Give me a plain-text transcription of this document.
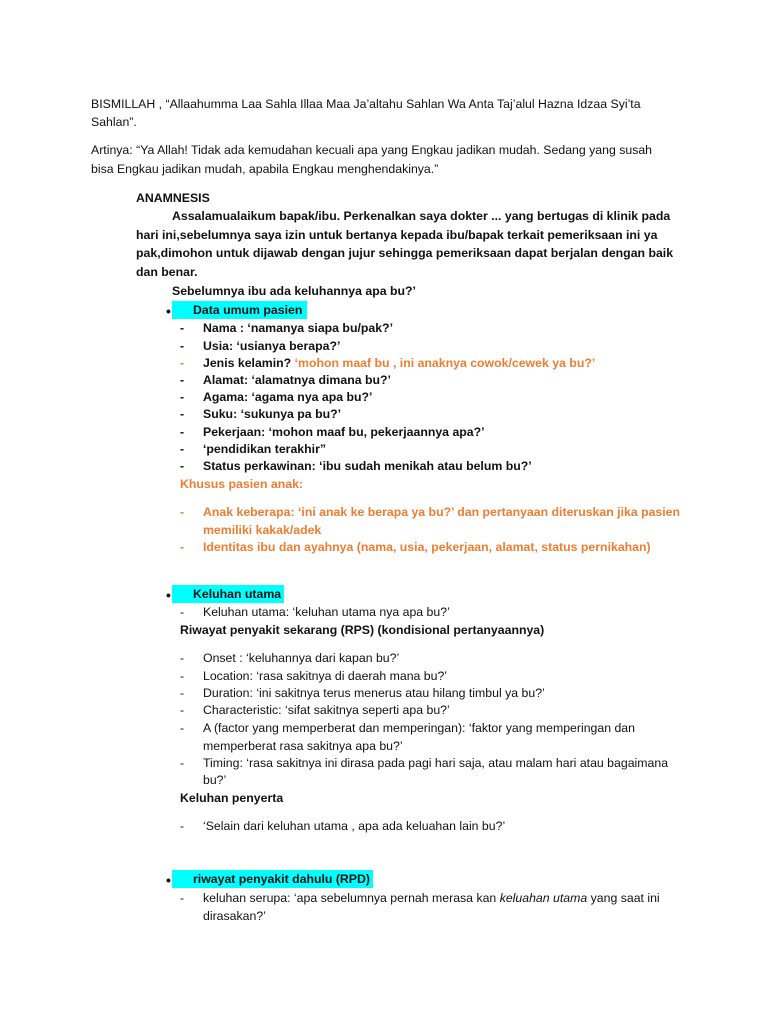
BISMILLAH , “Allaahumma Laa Sahla Illaa Maa Ja’altahu Sahlan Wa Anta Taj’alul Hazna Idzaa Syi’ta
Sahlan”.
Artinya: “Ya Allah! Tidak ada kemudahan kecuali apa yang Engkau jadikan mudah. Sedang yang susah
bisa Engkau jadikan mudah, apabila Engkau menghendakinya.”
ANAMNESIS
Assalamualaikum bapak/ibu. Perkenalkan saya dokter ... yang bertugas di klinik pada
hari ini,sebelumnya saya izin untuk bertanya kepada ibu/bapak terkait pemeriksaan ini ya
pak,dimohon untuk dijawab dengan jujur sehingga pemeriksaan dapat berjalan dengan baik
dan benar.
Sebelumnya ibu ada keluhannya apa bu?’
•	Data umum pasien
- Nama : ‘namanya siapa bu/pak?’
- Usia: ‘usianya berapa?’
- Jenis kelamin? ‘mohon maaf bu , ini anaknya cowok/cewek ya bu?’
- Alamat: ‘alamatnya dimana bu?’
- Agama: ‘agama nya apa bu?’
- Suku: ‘sukunya pa bu?’
- Pekerjaan: ‘mohon maaf bu, pekerjaannya apa?’
- ‘pendidikan terakhir”
- Status perkawinan: ‘ibu sudah menikah atau belum bu?’
Khusus pasien anak:
- Anak keberapa: ‘ini anak ke berapa ya bu?’ dan pertanyaan diteruskan jika pasien
memiliki kakak/adek
- Identitas ibu dan ayahnya (nama, usia, pekerjaan, alamat, status pernikahan)
•	Keluhan utama
- Keluhan utama: ‘keluhan utama nya apa bu?’
Riwayat penyakit sekarang (RPS) (kondisional pertanyaannya)
- Onset : ‘keluhannya dari kapan bu?’
- Location: ‘rasa sakitnya di daerah mana bu?’
- Duration: ‘ini sakitnya terus menerus atau hilang timbul ya bu?’
- Characteristic: ‘sifat sakitnya seperti apa bu?’
- A (factor yang memperberat dan memperingan): ‘faktor yang memperingan dan
memperberat rasa sakitnya apa bu?’
- Timing: ‘rasa sakitnya ini dirasa pada pagi hari saja, atau malam hari atau bagaimana
bu?’
Keluhan penyerta
- ‘Selain dari keluhan utama , apa ada keluahan lain bu?’
•	riwayat penyakit dahulu (RPD)
- keluhan serupa: ‘apa sebelumnya pernah merasa kan keluahan utama yang saat ini
dirasakan?’
